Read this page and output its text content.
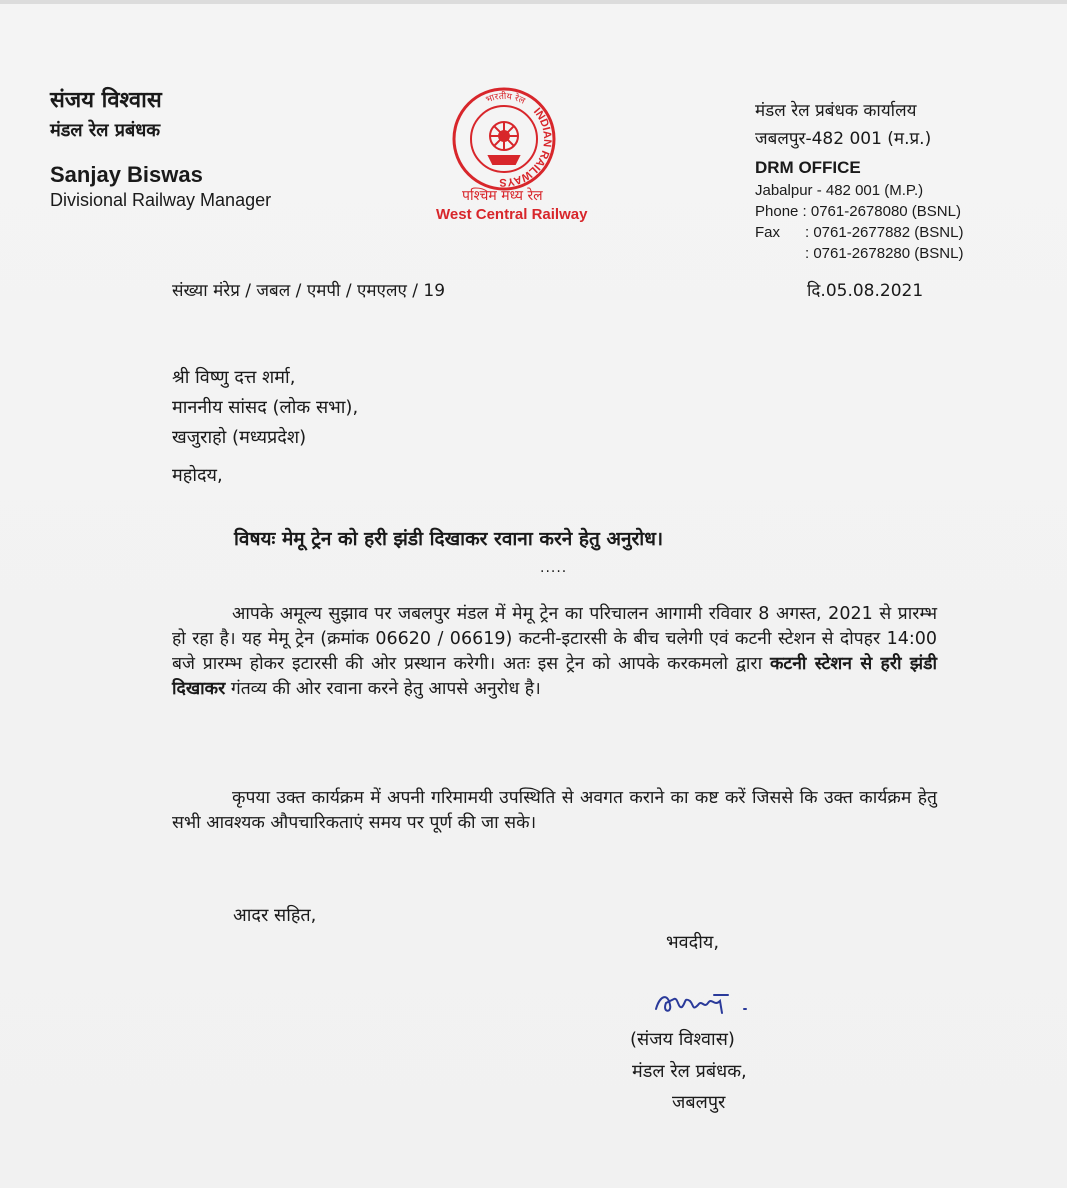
संजय विश्वास
मंडल रेल प्रबंधक
Sanjay Biswas
Divisional Railway Manager
INDIAN RAILWAYS
भारतीय रेल
पश्चिम मध्य रेल
West Central Railway
मंडल रेल प्रबंधक कार्यालय
जबलपुर-482 001 (म.प्र.)
DRM OFFICE
Jabalpur - 482 001 (M.P.)
Phone : 0761-2678080 (BSNL)
Fax      : 0761-2677882 (BSNL)
: 0761-2678280 (BSNL)
संख्या मंरेप्र / जबल / एमपी / एमएलए / 19	दि.05.08.2021
श्री विष्णु दत्त शर्मा,
माननीय सांसद (लोक सभा),
खजुराहो (मध्यप्रदेश)
महोदय,
विषयः मेमू ट्रेन को हरी झंडी दिखाकर रवाना करने हेतु अनुरोध।
.....
आपके अमूल्य सुझाव पर जबलपुर मंडल में मेमू ट्रेन का परिचालन आगामी रविवार 8 अगस्त, 2021 से प्रारम्भ हो रहा है। यह मेमू ट्रेन (क्रमांक 06620 / 06619) कटनी-इटारसी के बीच चलेगी एवं कटनी स्टेशन से दोपहर 14:00 बजे प्रारम्भ होकर इटारसी की ओर प्रस्थान करेगी। अतः इस ट्रेन को आपके करकमलो द्वारा कटनी स्टेशन से हरी झंडी दिखाकर गंतव्य की ओर रवाना करने हेतु आपसे अनुरोध है।
कृपया उक्त कार्यक्रम में अपनी गरिमामयी उपस्थिति से अवगत कराने का कष्ट करें जिससे कि उक्त कार्यक्रम हेतु सभी आवश्यक औपचारिकताएं समय पर पूर्ण की जा सके।
आदर सहित,
भवदीय,
(संजय विश्वास)
मंडल रेल प्रबंधक,
जबलपुर
